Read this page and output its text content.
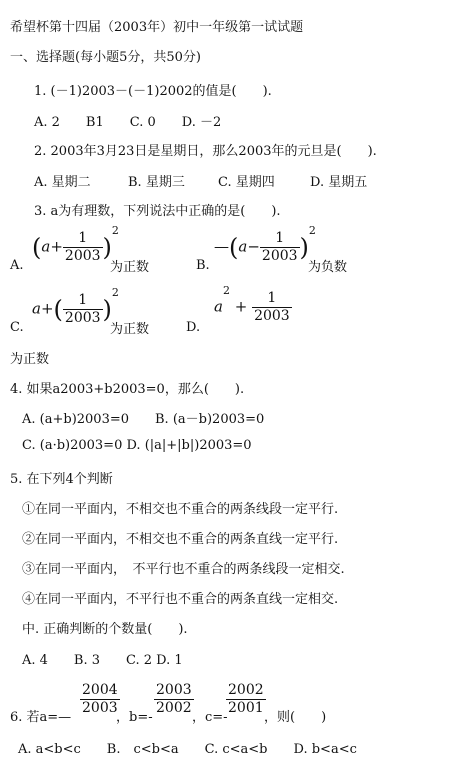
希望杯第十四届（2003年）初中一年级第一试试题
一、选择题(每小题5分，共50分)
1. (－1)2003－(－1)2002的值是(　　).
A. 2　　B1　　C. 0　　D. －2
2. 2003年3月23日是星期日，那么2003年的元旦是(　　).
A. 星期二	B. 星期三	C. 星期四	D. 星期五
3. a为有理数，下列说法中正确的是(　　).
A.
$(a+ \frac{1}{2003} )^2$
为正数	B.
—(a− $\frac{1}{2003} )^2$
为负数
C.
$a+( \frac{1}{2003} )^2$
为正数	D.
$a^2 + \frac{1}{2003}$
为正数
4. 如果a2003+b2003=0，那么(　　).
A. (a+b)2003=0　　B. (a－b)2003=0
C. (a·b)2003=0 D. (|a|+|b|)2003=0
5. 在下列4个判断
①在同一平面内，不相交也不重合的两条线段一定平行.
②在同一平面内，不相交也不重合的两条直线一定平行.
③在同一平面内，　不平行也不重合的两条线段一定相交.
④在同一平面内，不平行也不重合的两条直线一定相交.
中. 正确判断的个数量(　　).
A. 4　　B. 3　　C. 2 D. 1
6. 若a=—
$\frac{2004}{2003}$
，b=-
$\frac{2003}{2002}$
，c=-
$\frac{2002}{2001}$
，则(　　)
A. a<b<c　　B.　c<b<a　　C. c<a<b　　D. b<a<c
